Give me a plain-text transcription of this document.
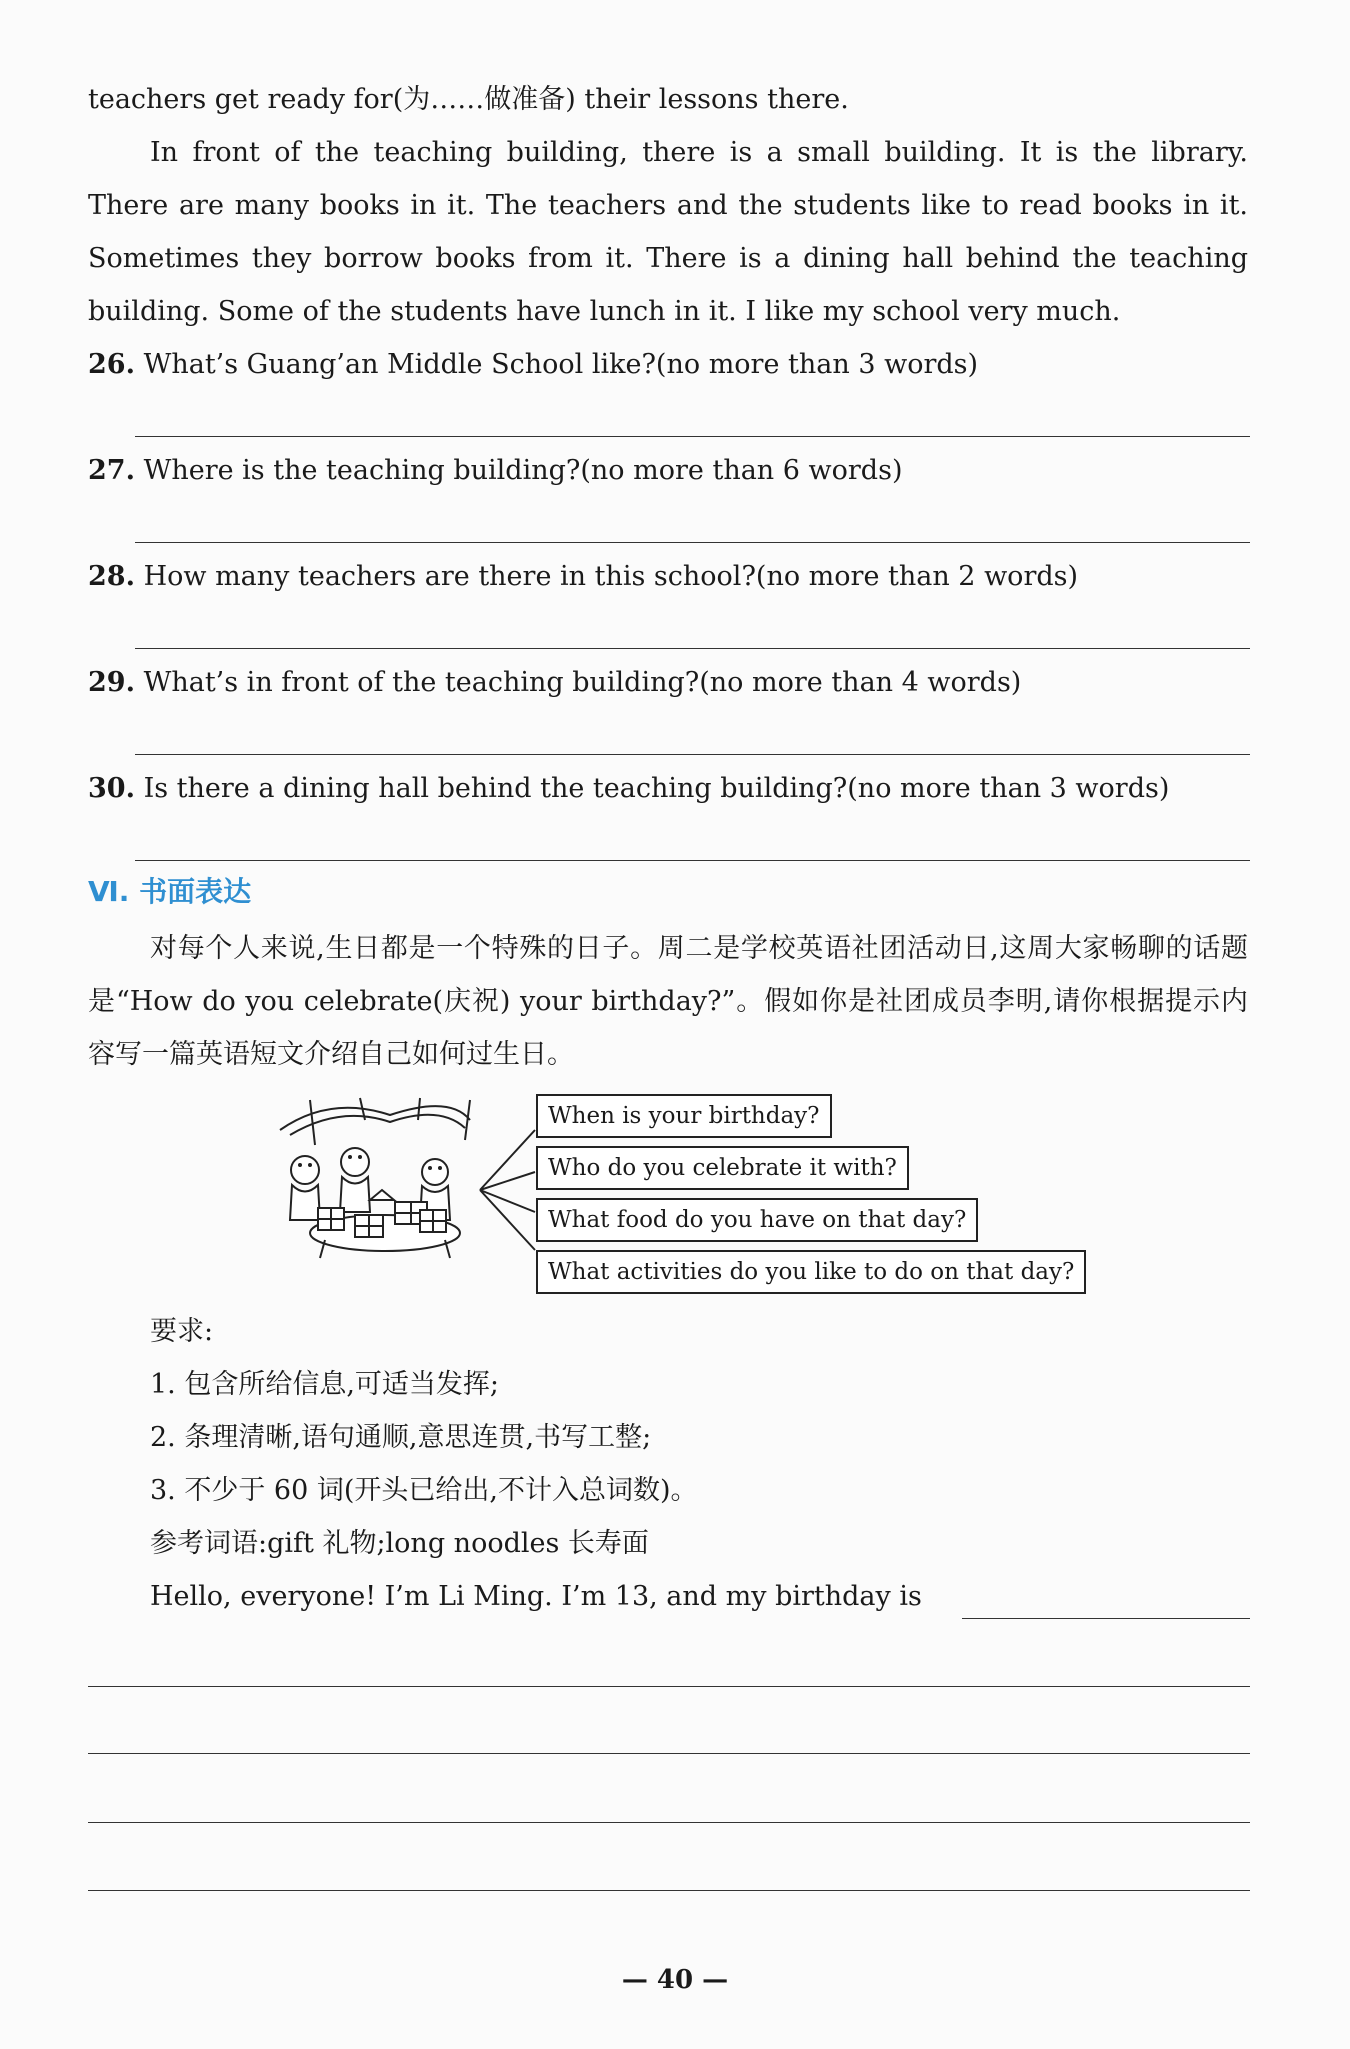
teachers get ready for(为……做准备) their lessons there.

In front of the teaching building, there is a small building. It is the library. There are many books in it. The teachers and the students like to read books in it. Sometimes they borrow books from it. There is a dining hall behind the teaching building. Some of the students have lunch in it. I like my school very much.

26. What’s Guang’an Middle School like?(no more than 3 words)
27. Where is the teaching building?(no more than 6 words)
28. How many teachers are there in this school?(no more than 2 words)
29. What’s in front of the teaching building?(no more than 4 words)
30. Is there a dining hall behind the teaching building?(no more than 3 words)
Ⅵ. 书面表达

对每个人来说,生日都是一个特殊的日子。周二是学校英语社团活动日,这周大家畅聊的话题是“How do you celebrate(庆祝) your birthday?”。假如你是社团成员李明,请你根据提示内容写一篇英语短文介绍自己如何过生日。

When is your birthday?
Who do you celebrate it with?
What food do you have on that day?
What activities do you like to do on that day?
要求:
1. 包含所给信息,可适当发挥;
2. 条理清晰,语句通顺,意思连贯,书写工整;
3. 不少于 60 词(开头已给出,不计入总词数)。
参考词语:gift 礼物;long noodles 长寿面
Hello, everyone! I’m Li Ming. I’m 13, and my birthday is
— 40 —
